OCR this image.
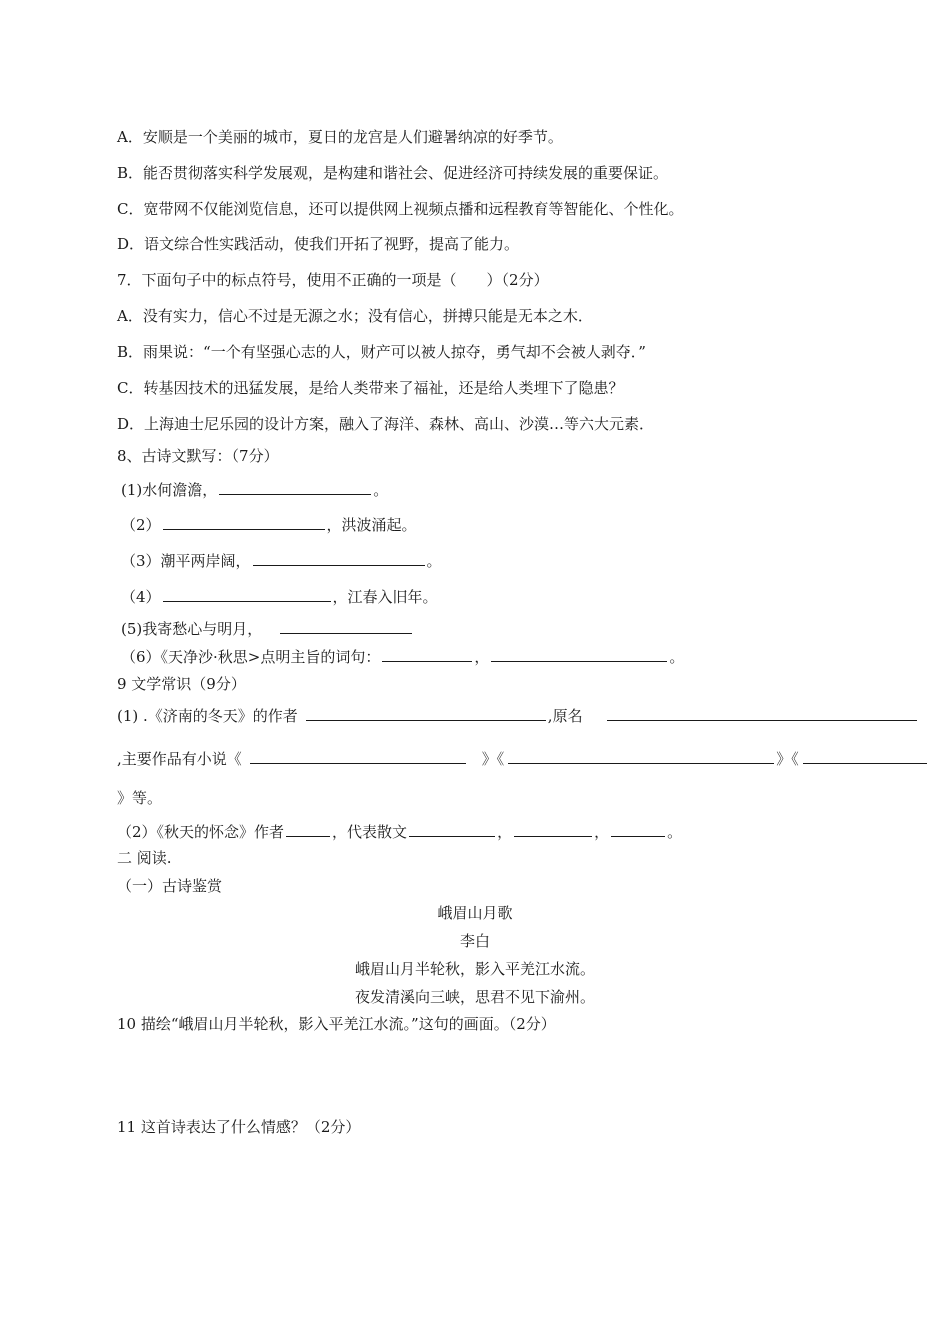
A．安顺是一个美丽的城市，夏日的龙宫是人们避暑纳凉的好季节。
B．能否贯彻落实科学发展观，是构建和谐社会、促进经济可持续发展的重要保证。
C．宽带网不仅能浏览信息，还可以提供网上视频点播和远程教育等智能化、个性化。
D．语文综合性实践活动，使我们开拓了视野，提高了能力。
7．下面句子中的标点符号，使用不正确的一项是（　　）（2分）
A．没有实力，信心不过是无源之水；没有信心，拼搏只能是无本之木．
B．雨果说：“一个有坚强心志的人，财产可以被人掠夺，勇气却不会被人剥夺．”
C．转基因技术的迅猛发展，是给人类带来了福祉，还是给人类埋下了隐患？
D．上海迪士尼乐园的设计方案，融入了海洋、森林、高山、沙漠…等六大元素．
8、古诗文默写：（7分）
(1)水何澹澹，	。
（2）	，洪波涌起。
（3）潮平两岸阔，	。
（4）	，江春入旧年。
(5)我寄愁心与明月，
（6）《天净沙·秋思>点明主旨的词句：	，	。
9 文学常识（9分）
(1) .《济南的冬天》的作者	,原名
,主要作品有小说《	》《	》《
》等。
（2）《秋天的怀念》作者	，代表散文	，	，	。
二 阅读.
（一）古诗鉴赏
峨眉山月歌
李白
峨眉山月半轮秋，影入平羌江水流。
夜发清溪向三峡，思君不见下渝州。
10 描绘“峨眉山月半轮秋，影入平羌江水流。”这句的画面。（2分）
11 这首诗表达了什么情感？（2分）
